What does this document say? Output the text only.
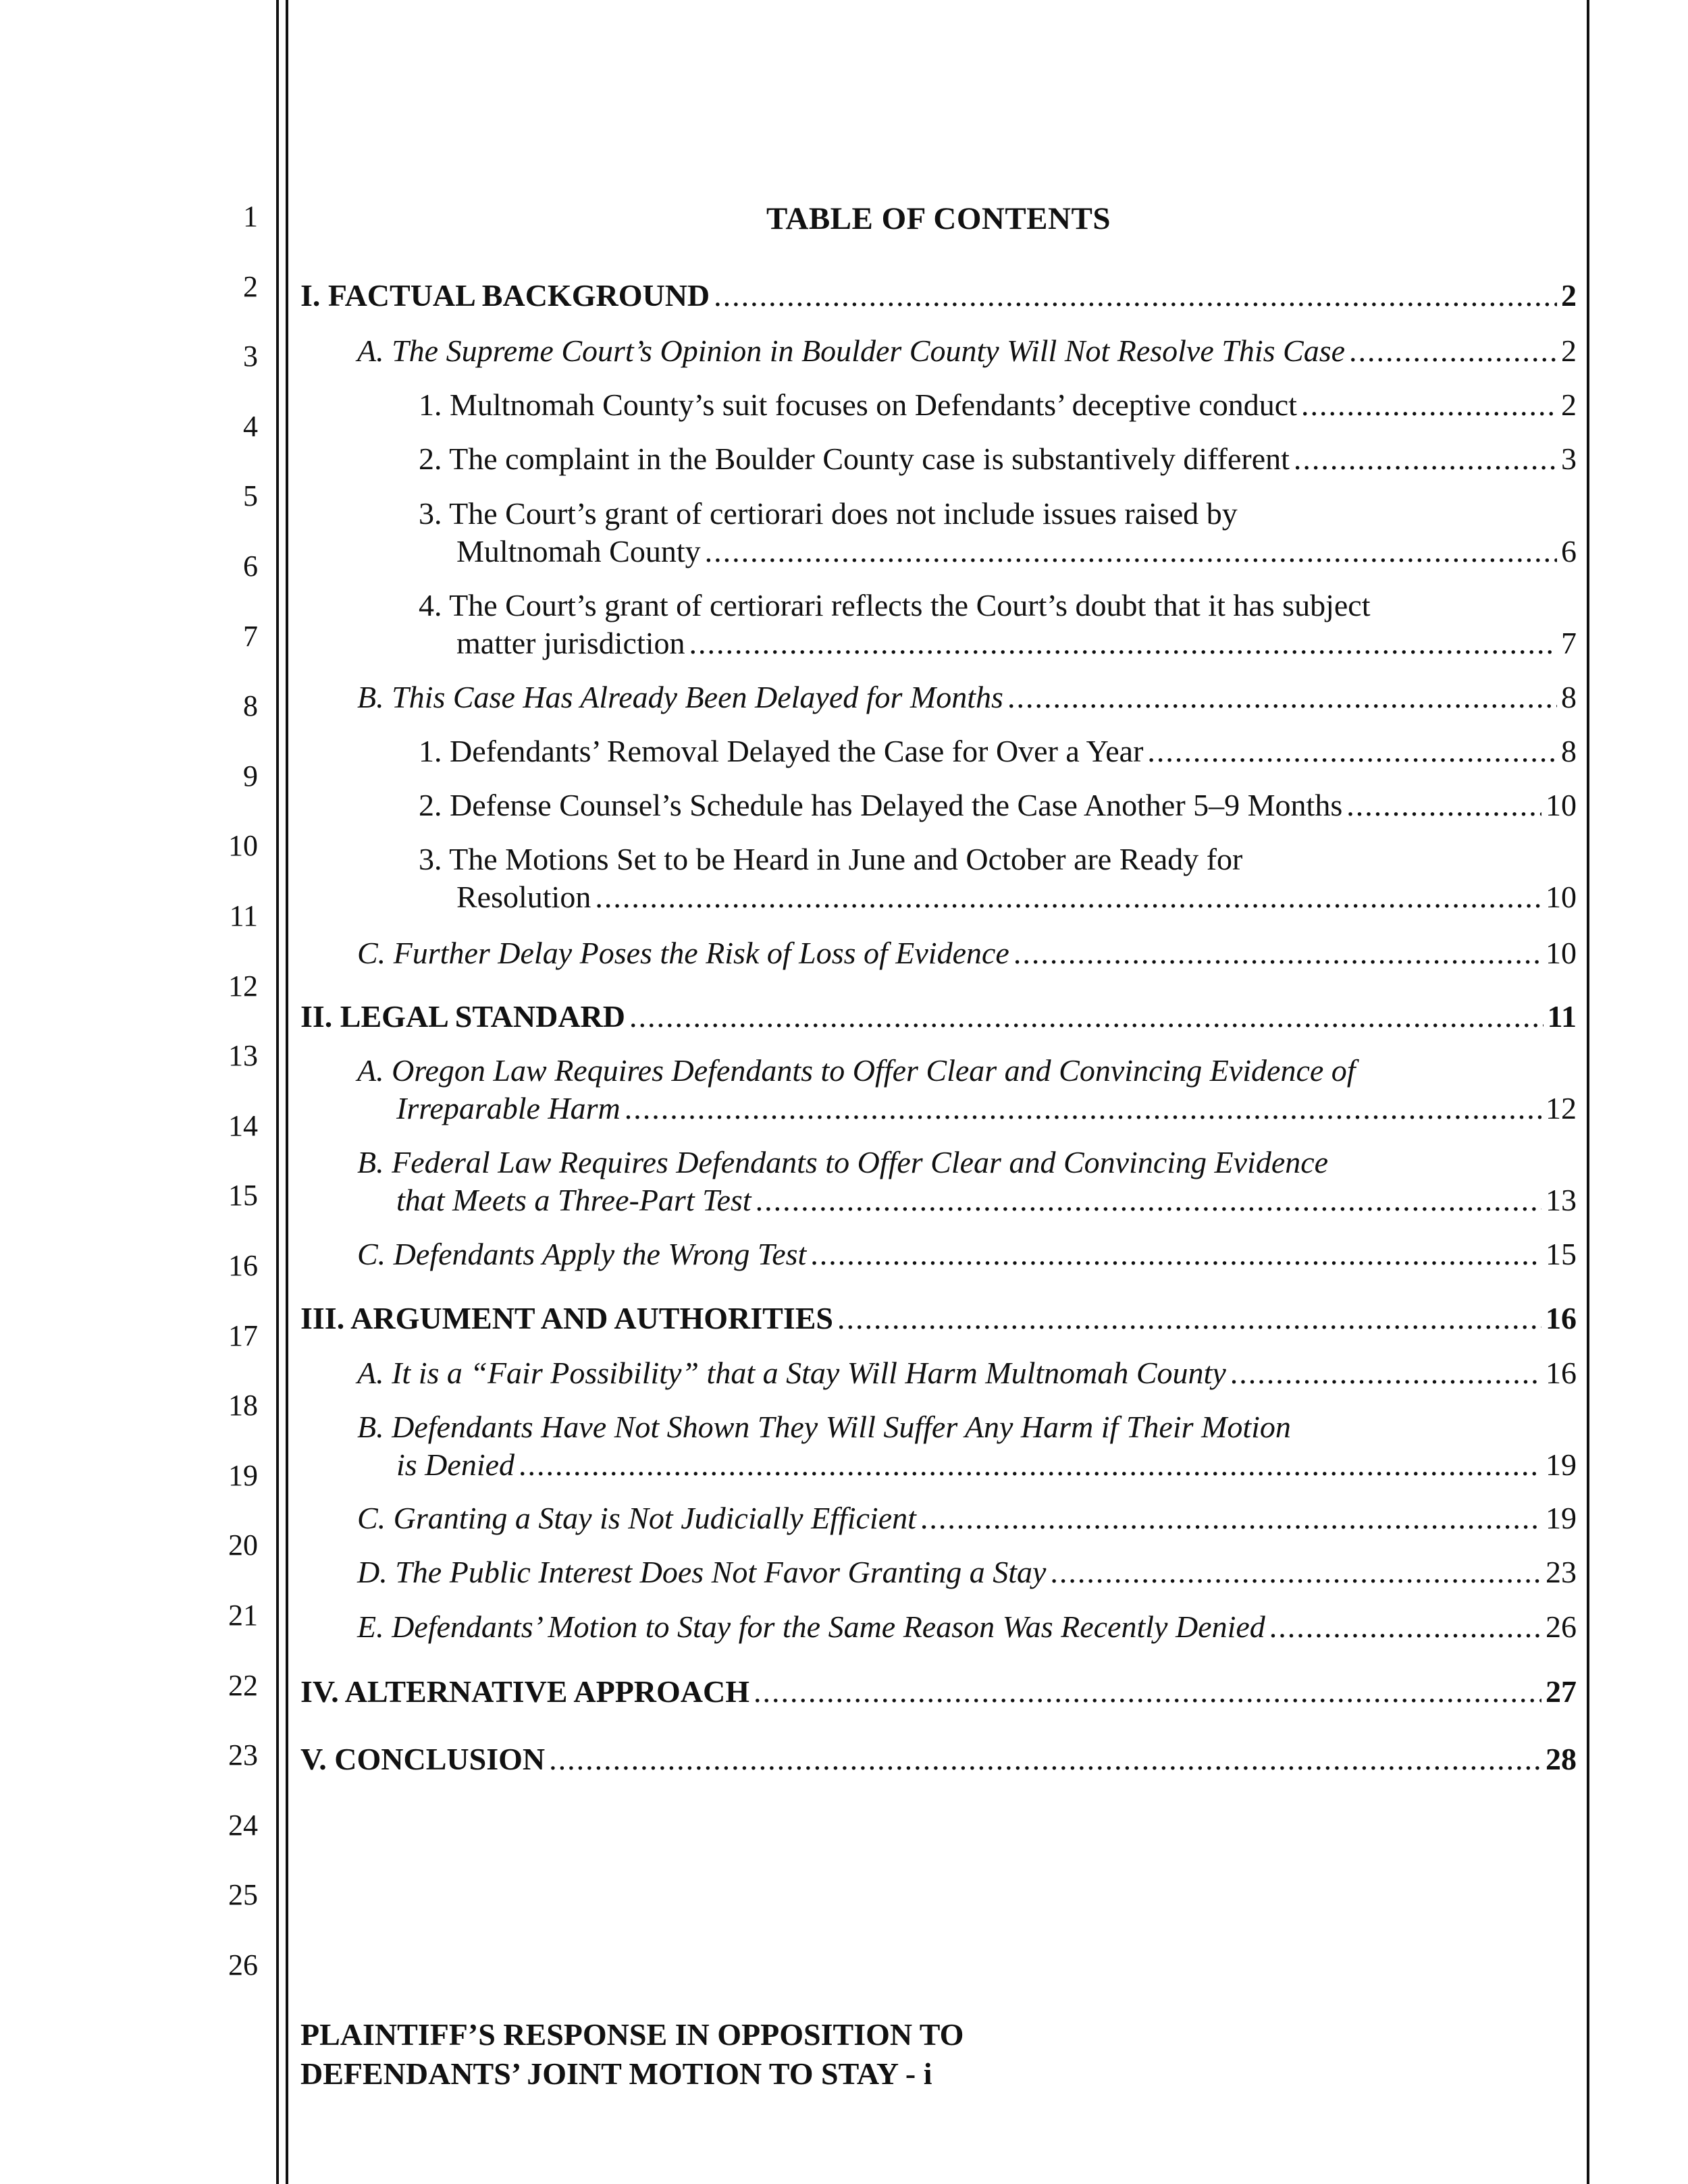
1
2
3
4
5
6
7
8
9
10
11
12
13
14
15
16
17
18
19
20
21
22
23
24
25
26
TABLE OF CONTENTS
I. FACTUAL BACKGROUND .....	2
A. The Supreme Court’s Opinion in Boulder County Will Not Resolve This Case .....	2
1. Multnomah County’s suit focuses on Defendants’ deceptive conduct .....	2
2. The complaint in the Boulder County case is substantively different .....	3
3. The Court’s grant of certiorari does not include issues raised by
Multnomah County .....	6
4. The Court’s grant of certiorari reflects the Court’s doubt that it has subject
matter jurisdiction .....	7
B. This Case Has Already Been Delayed for Months .....	8
1. Defendants’ Removal Delayed the Case for Over a Year .....	8
2. Defense Counsel’s Schedule has Delayed the Case Another 5–9 Months .....	10
3. The Motions Set to be Heard in June and October are Ready for
Resolution .....	10
C. Further Delay Poses the Risk of Loss of Evidence .....	10
II. LEGAL STANDARD .....	11
A. Oregon Law Requires Defendants to Offer Clear and Convincing Evidence of
Irreparable Harm .....	12
B. Federal Law Requires Defendants to Offer Clear and Convincing Evidence
that Meets a Three-Part Test .....	13
C. Defendants Apply the Wrong Test .....	15
III. ARGUMENT AND AUTHORITIES .....	16
A. It is a “Fair Possibility” that a Stay Will Harm Multnomah County .....	16
B. Defendants Have Not Shown They Will Suffer Any Harm if Their Motion
is Denied .....	19
C. Granting a Stay is Not Judicially Efficient .....	19
D. The Public Interest Does Not Favor Granting a Stay .....	23
E. Defendants’ Motion to Stay for the Same Reason Was Recently Denied .....	26
IV. ALTERNATIVE APPROACH .....	27
V. CONCLUSION .....	28
PLAINTIFF’S RESPONSE IN OPPOSITION TO
DEFENDANTS’ JOINT MOTION TO STAY - i
